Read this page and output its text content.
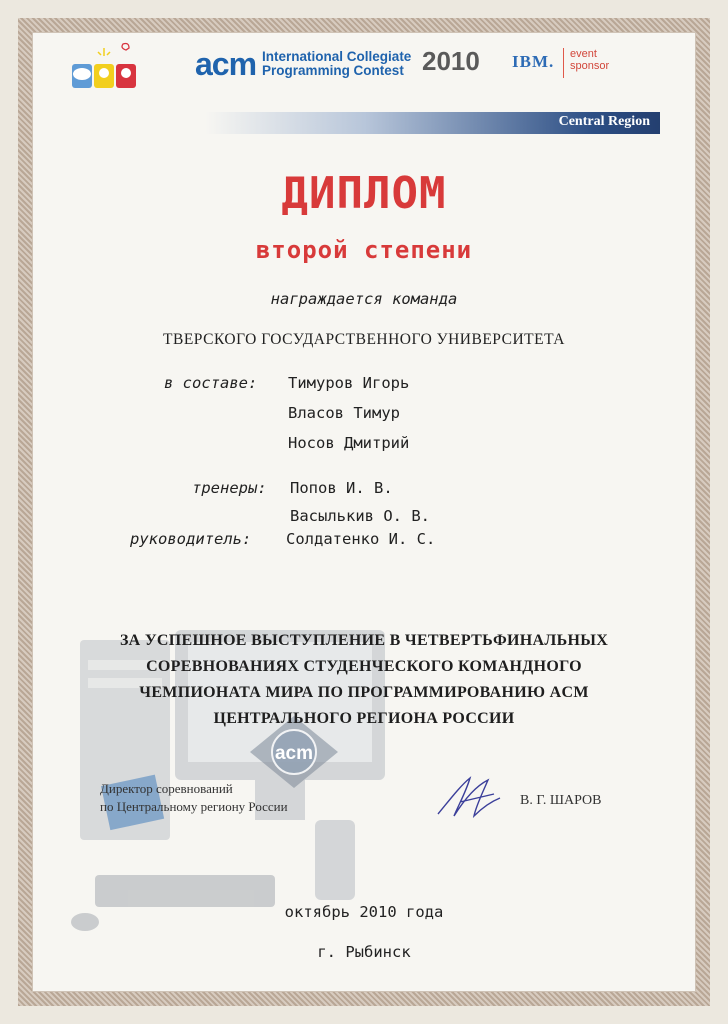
acm
acm International Collegiate
Programming Contest 2010 IBM. event
sponsor
Central Region
ДИПЛОМ
второй степени
награждается команда
ТВЕРСКОГО ГОСУДАРСТВЕННОГО УНИВЕРСИТЕТА
в составе: Тимуров Игорь
Власов Тимур
Носов Дмитрий
тренеры: Попов И. В.
Васылькив О. В.
руководитель: Солдатенко И. С.
ЗА УСПЕШНОЕ ВЫСТУПЛЕНИЕ В ЧЕТВЕРТЬФИНАЛЬНЫХ
СОРЕВНОВАНИЯХ СТУДЕНЧЕСКОГО КОМАНДНОГО
ЧЕМПИОНАТА МИРА ПО ПРОГРАММИРОВАНИЮ ACM
ЦЕНТРАЛЬНОГО РЕГИОНА РОССИИ
Директор соревнований
по Центральному региону России	В. Г. ШАРОВ
октябрь 2010 года
г. Рыбинск
